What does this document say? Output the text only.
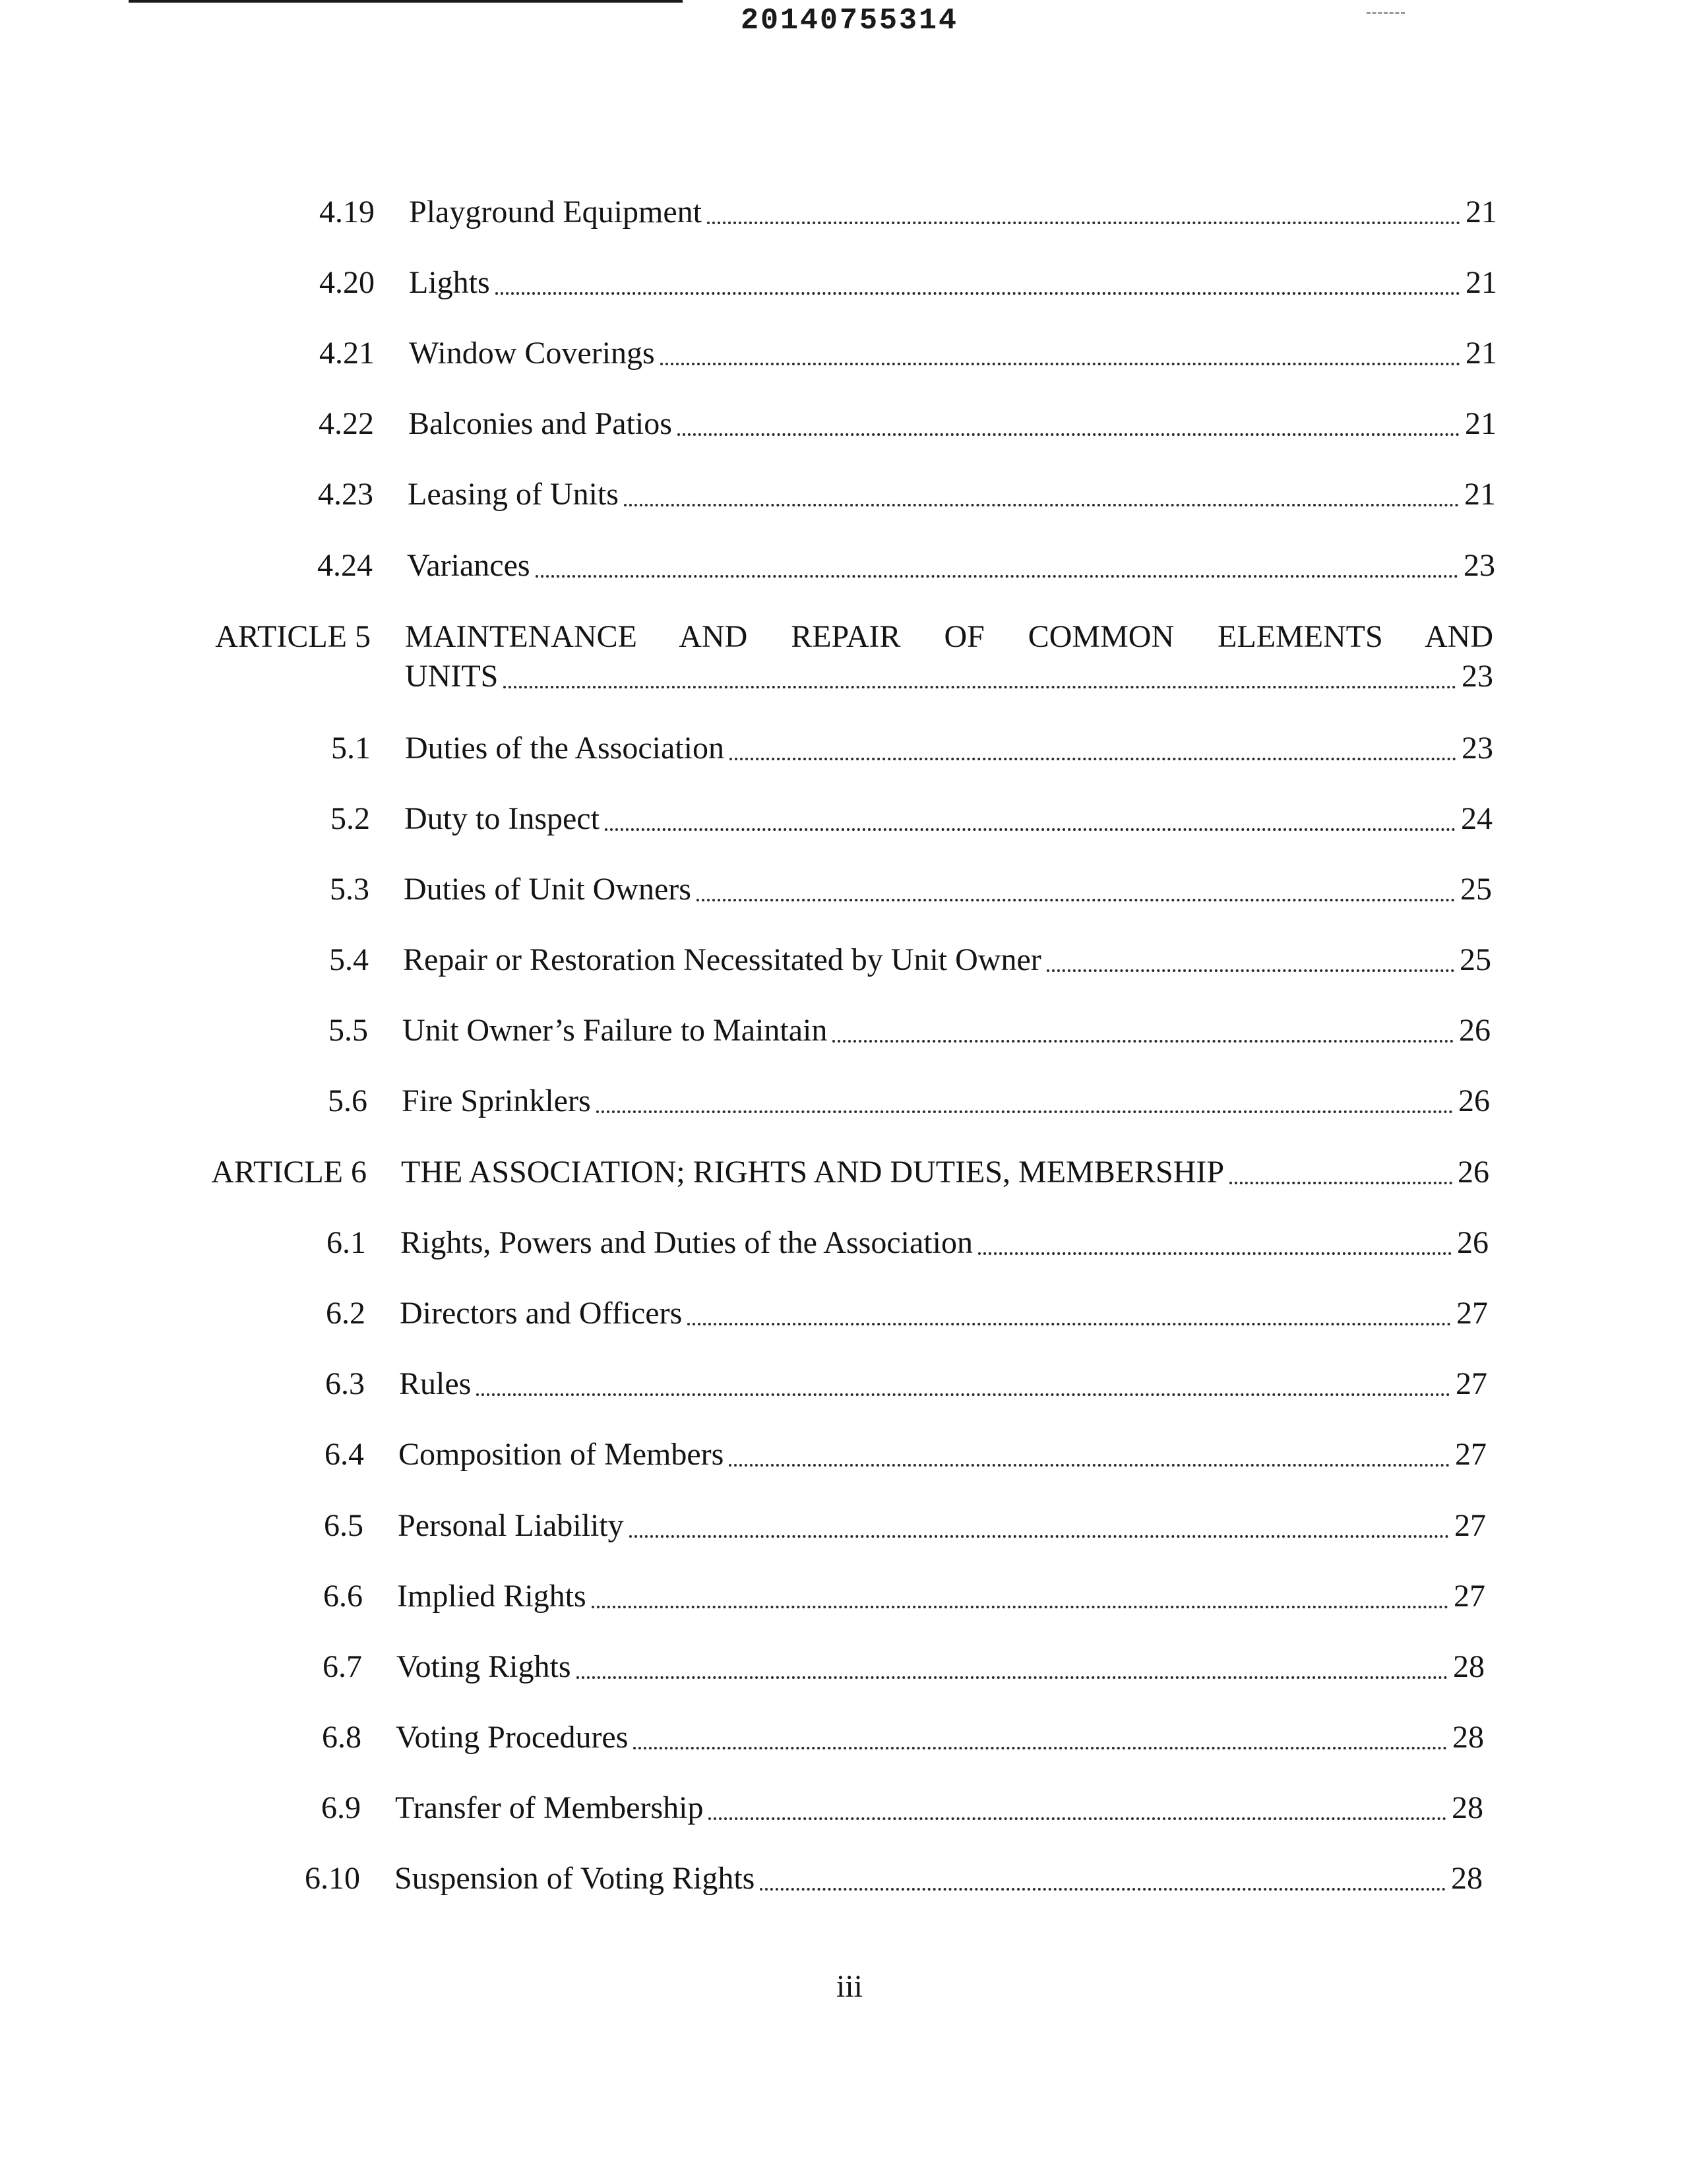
20140755314
4.19 Playground Equipment	21
4.20 Lights	21
4.21 Window Coverings	21
4.22 Balconies and Patios	21
4.23 Leasing of Units	21
4.24 Variances	23
ARTICLE 5 MAINTENANCE AND REPAIR OF COMMON ELEMENTS AND
UNITS	23
5.1 Duties of the Association	23
5.2 Duty to Inspect	24
5.3 Duties of Unit Owners	25
5.4 Repair or Restoration Necessitated by Unit Owner	25
5.5 Unit Owner’s Failure to Maintain	26
5.6 Fire Sprinklers	26
ARTICLE 6 THE ASSOCIATION; RIGHTS AND DUTIES, MEMBERSHIP	26
6.1 Rights, Powers and Duties of the Association	26
6.2 Directors and Officers	27
6.3 Rules	27
6.4 Composition of Members	27
6.5 Personal Liability	27
6.6 Implied Rights	27
6.7 Voting Rights	28
6.8 Voting Procedures	28
6.9 Transfer of Membership	28
6.10 Suspension of Voting Rights	28
iii
